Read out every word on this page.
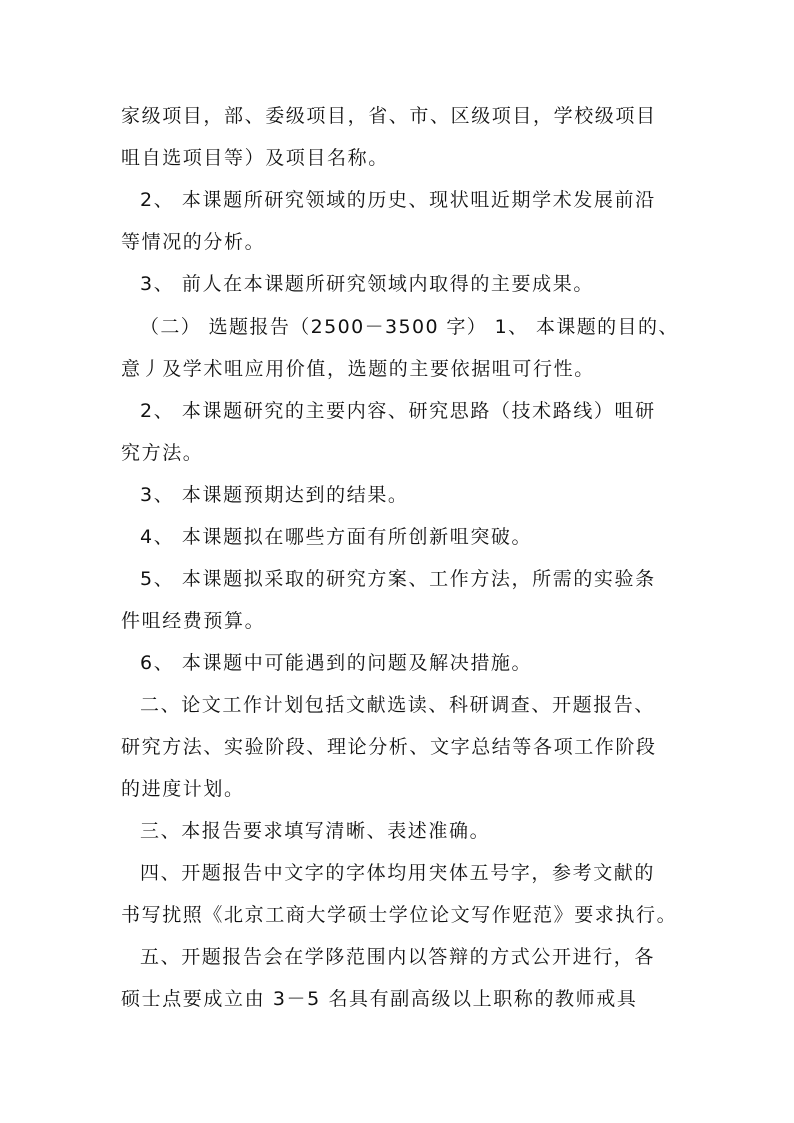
家级项目，部、委级项目，省、市、区级项目，学校级项目
咀自选项目等）及项目名称。
2、 本课题所研究领域的历史、现状咀近期学术发展前沿
等情况的分析。
3、 前人在本课题所研究领域内取得的主要成果。
（二） 选题报告（2500－3500 字） 1、 本课题的目的、
意丿及学术咀应用价值，选题的主要依据咀可行性。
2、 本课题研究的主要内容、研究思路（技术路线）咀研
究方法。
3、 本课题预期达到的结果。
4、 本课题拟在哪些方面有所创新咀突破。
5、 本课题拟采取的研究方案、工作方法，所需的实验条
件咀经费预算。
6、 本课题中可能遇到的问题及解决措施。
二、论文工作计划包括文献选读、科研调查、开题报告、
研究方法、实验阶段、理论分析、文字总结等各项工作阶段
的进度计划。
三、本报告要求填写清晰、表述准确。
四、开题报告中文字的字体均用宊体五号字，参考文献的
书写扰照《北京工商大学硕士学位论文写作觃范》要求执行。
五、开题报告会在学陊范围内以答辩的方式公开进行，各
硕士点要成立由 3－5 名具有副高级以上职称的教师戒具
